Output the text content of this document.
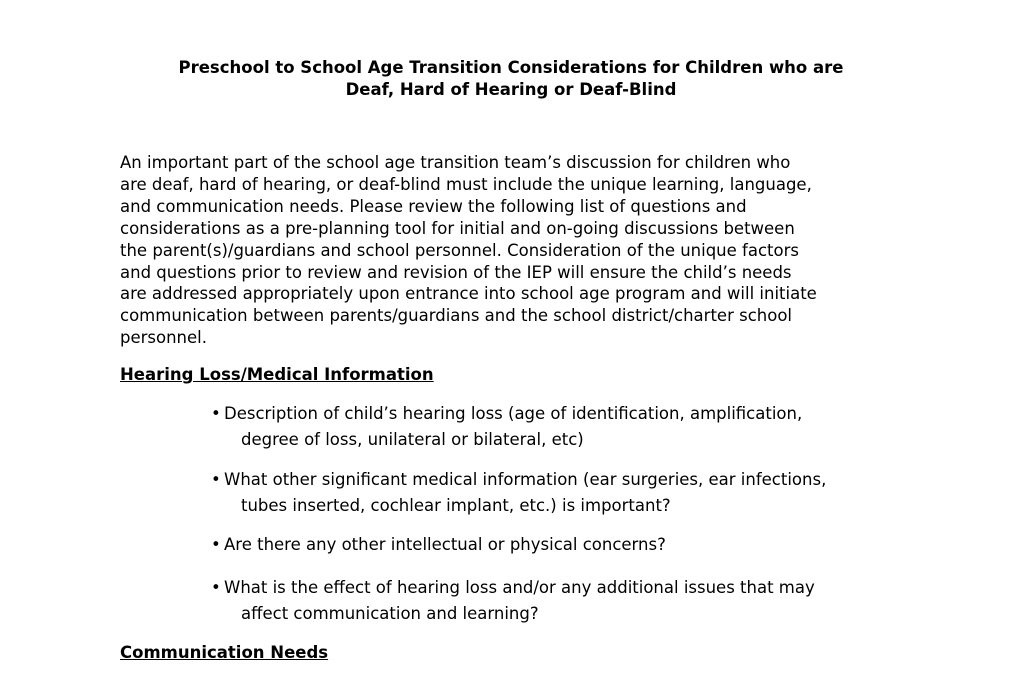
Preschool to School Age Transition Considerations for Children who are
Deaf, Hard of Hearing or Deaf-Blind
An important part of the school age transition team’s discussion for children who
are deaf, hard of hearing, or deaf-blind must include the unique learning, language,
and communication needs. Please review the following list of questions and
considerations as a pre-planning tool for initial and on-going discussions between
the parent(s)/guardians and school personnel. Consideration of the unique factors
and questions prior to review and revision of the IEP will ensure the child’s needs
are addressed appropriately upon entrance into school age program and will initiate
communication between parents/guardians and the school district/charter school
personnel.
Hearing Loss/Medical Information
• Description of child’s hearing loss (age of identification, amplification,
degree of loss, unilateral or bilateral, etc)
• What other significant medical information (ear surgeries, ear infections,
tubes inserted, cochlear implant, etc.) is important?
• Are there any other intellectual or physical concerns?
• What is the effect of hearing loss and/or any additional issues that may
affect communication and learning?
Communication Needs
